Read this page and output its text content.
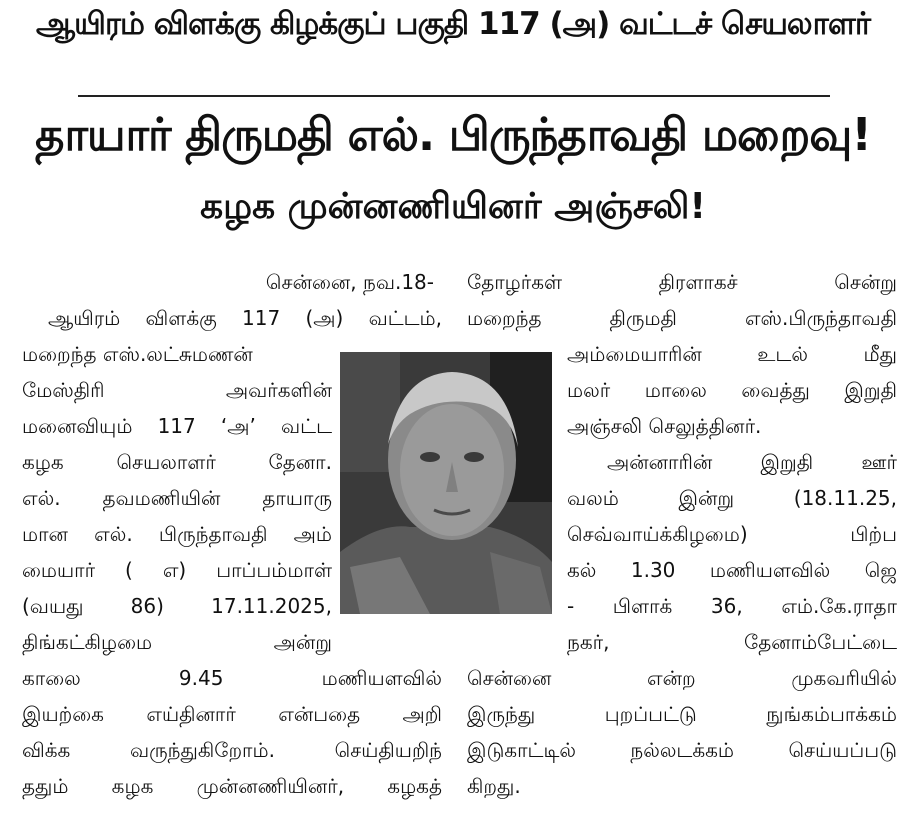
ஆயிரம் விளக்கு கிழக்குப் பகுதி 117 (அ) வட்டச் செயலாளர்
தாயார் திருமதி எல். பிருந்தாவதி மறைவு!
கழக முன்னணியினர் அஞ்சலி!
சென்னை, நவ.18-
ஆயிரம் விளக்கு 117 (அ) வட்டம்,
மறைந்த எஸ்.லட்சுமணன்
மேஸ்திரி அவர்களின்
மனைவியும் 117 ‘அ’ வட்ட
கழக செயலாளர் தேனா.
எல். தவமணியின் தாயாரு
மான எல். பிருந்தாவதி அம்
மையார் ( எ) பாப்பம்மாள்
(வயது 86) 17.11.2025,
திங்கட்கிழமை அன்று
காலை 9.45 மணியளவில்
இயற்கை எய்தினார் என்பதை அறி
விக்க வருந்துகிறோம். செய்தியறிந்
ததும் கழக முன்னணியினர், கழகத்
தோழர்கள் திரளாகச் சென்று
மறைந்த திருமதி எஸ்.பிருந்தாவதி
அம்மையாரின் உடல் மீது
மலர் மாலை வைத்து இறுதி
அஞ்சலி செலுத்தினர்.
அன்னாரின் இறுதி ஊர்
வலம் இன்று (18.11.25,
செவ்வாய்க்கிழமை) பிற்ப
கல் 1.30 மணியளவில் ஜெ
- பிளாக் 36, எம்.கே.ராதா
நகர், தேனாம்பேட்டை
சென்னை என்ற முகவரியில்
இருந்து புறப்பட்டு நுங்கம்பாக்கம்
இடுகாட்டில் நல்லடக்கம் செய்யப்படு
கிறது.
